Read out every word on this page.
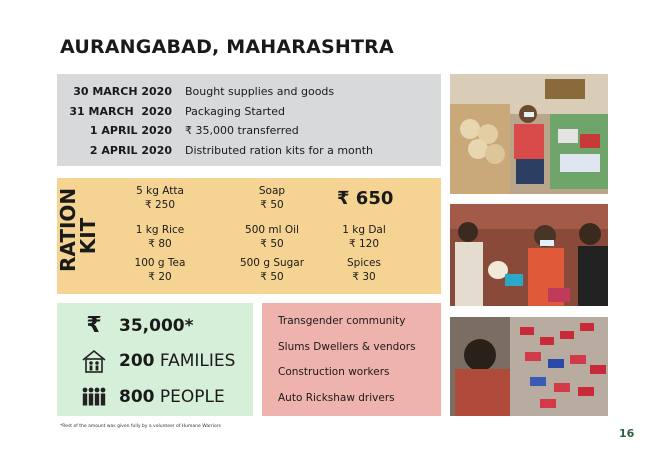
AURANGABAD, MAHARASHTRA
30 MARCH 2020 Bought supplies and goods
31 MARCH  2020 Packaging Started
1 APRIL 2020 ₹ 35,000 transferred
2 APRIL 2020 Distributed ration kits for a month
RATION
KIT
5 kg Atta
₹ 250
Soap
₹ 50	₹ 650
1 kg Rice
₹ 80
500 ml Oil
₹ 50
1 kg Dal
₹ 120
100 g Tea
₹ 20
500 g Sugar
₹ 50
Spices
₹ 30
₹ 35,000*
200 FAMILIES
800 PEOPLE
Transgender community
Slums Dwellers & vendors
Construction workers
Auto Rickshaw drivers
*Rest of the amount was given fully by a volunteer of Humane Warriors
16
